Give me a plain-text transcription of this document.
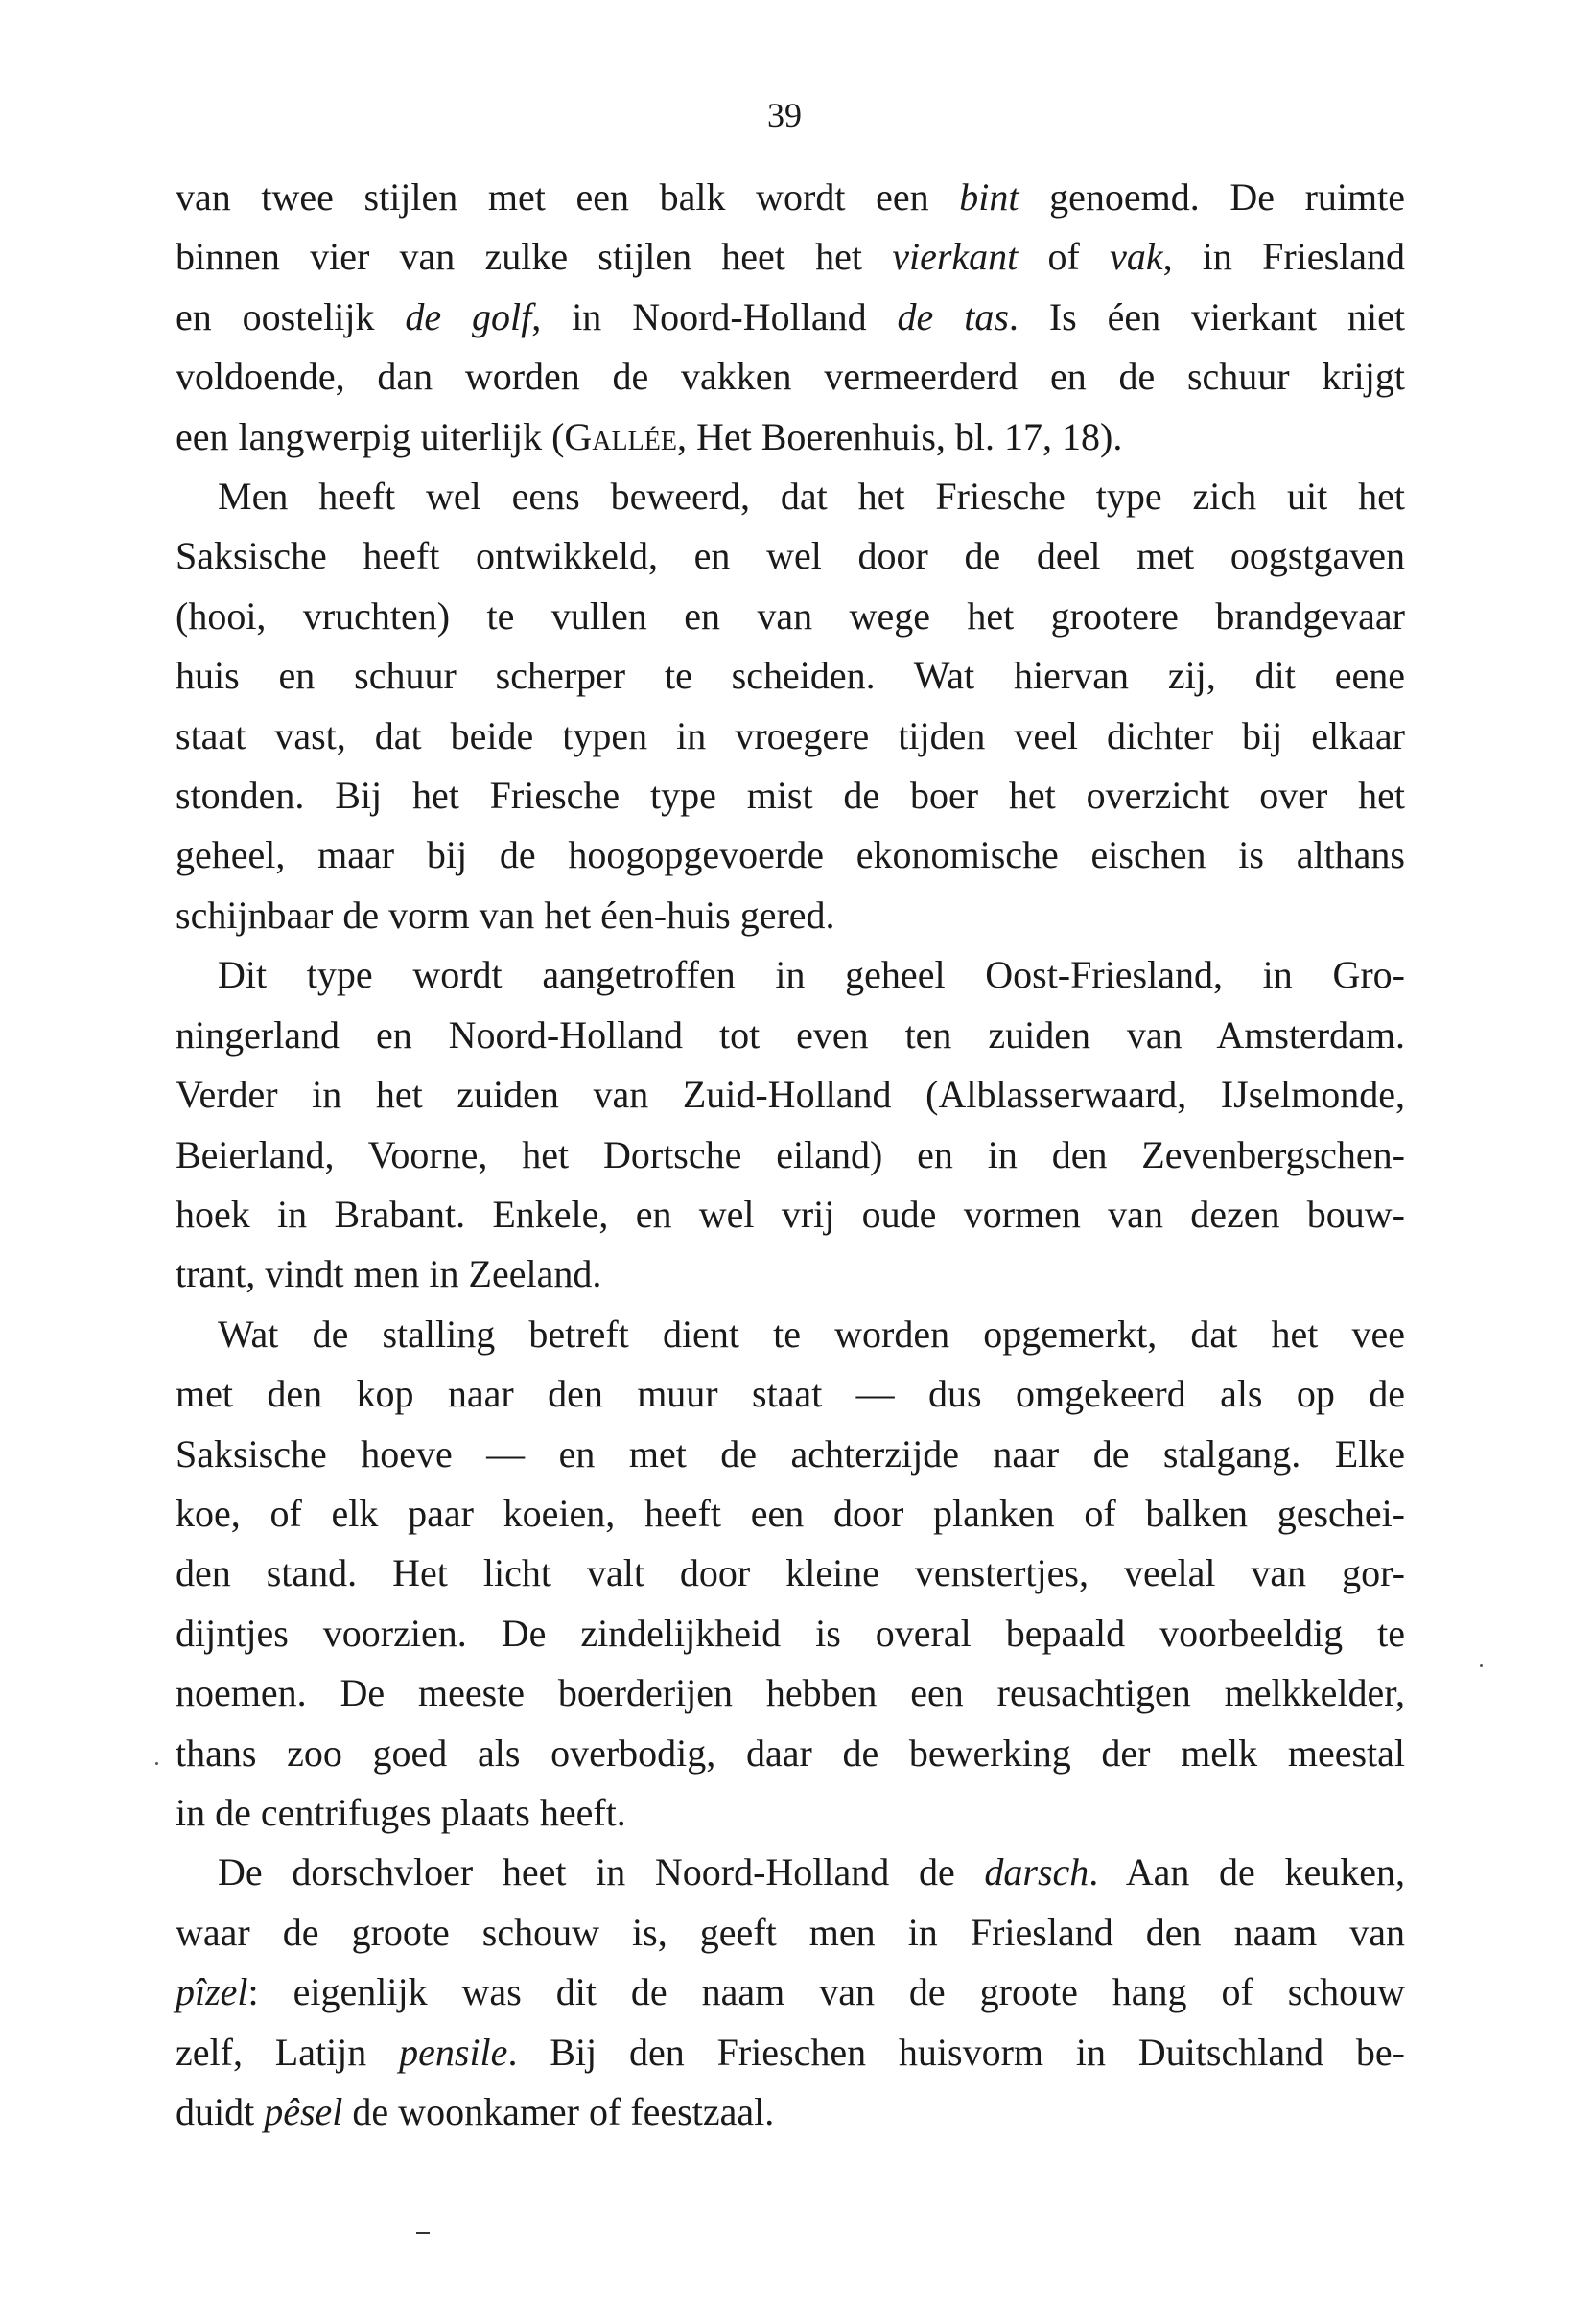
39
van twee stijlen met een balk wordt een bint genoemd. De ruimte
binnen vier van zulke stijlen heet het vierkant of vak, in Friesland
en oostelijk de golf, in Noord-Holland de tas. Is éen vierkant niet
voldoende, dan worden de vakken vermeerderd en de schuur krijgt
een langwerpig uiterlijk (Gallée, Het Boerenhuis, bl. 17, 18).
Men heeft wel eens beweerd, dat het Friesche type zich uit het
Saksische heeft ontwikkeld, en wel door de deel met oogstgaven
(hooi, vruchten) te vullen en van wege het grootere brandgevaar
huis en schuur scherper te scheiden. Wat hiervan zij, dit eene
staat vast, dat beide typen in vroegere tijden veel dichter bij elkaar
stonden. Bij het Friesche type mist de boer het overzicht over het
geheel, maar bij de hoogopgevoerde ekonomische eischen is althans
schijnbaar de vorm van het éen-huis gered.
Dit type wordt aangetroffen in geheel Oost-Friesland, in Gro-
ningerland en Noord-Holland tot even ten zuiden van Amsterdam.
Verder in het zuiden van Zuid-Holland (Alblasserwaard, IJselmonde,
Beierland, Voorne, het Dortsche eiland) en in den Zevenbergschen-
hoek in Brabant. Enkele, en wel vrij oude vormen van dezen bouw-
trant, vindt men in Zeeland.
Wat de stalling betreft dient te worden opgemerkt, dat het vee
met den kop naar den muur staat — dus omgekeerd als op de
Saksische hoeve — en met de achterzijde naar de stalgang. Elke
koe, of elk paar koeien, heeft een door planken of balken geschei-
den stand. Het licht valt door kleine venstertjes, veelal van gor-
dijntjes voorzien. De zindelijkheid is overal bepaald voorbeeldig te
noemen. De meeste boerderijen hebben een reusachtigen melkkelder,
thans zoo goed als overbodig, daar de bewerking der melk meestal
in de centrifuges plaats heeft.
De dorschvloer heet in Noord-Holland de darsch. Aan de keuken,
waar de groote schouw is, geeft men in Friesland den naam van
pîzel: eigenlijk was dit de naam van de groote hang of schouw
zelf, Latijn pensile. Bij den Frieschen huisvorm in Duitschland be-
duidt pêsel de woonkamer of feestzaal.
